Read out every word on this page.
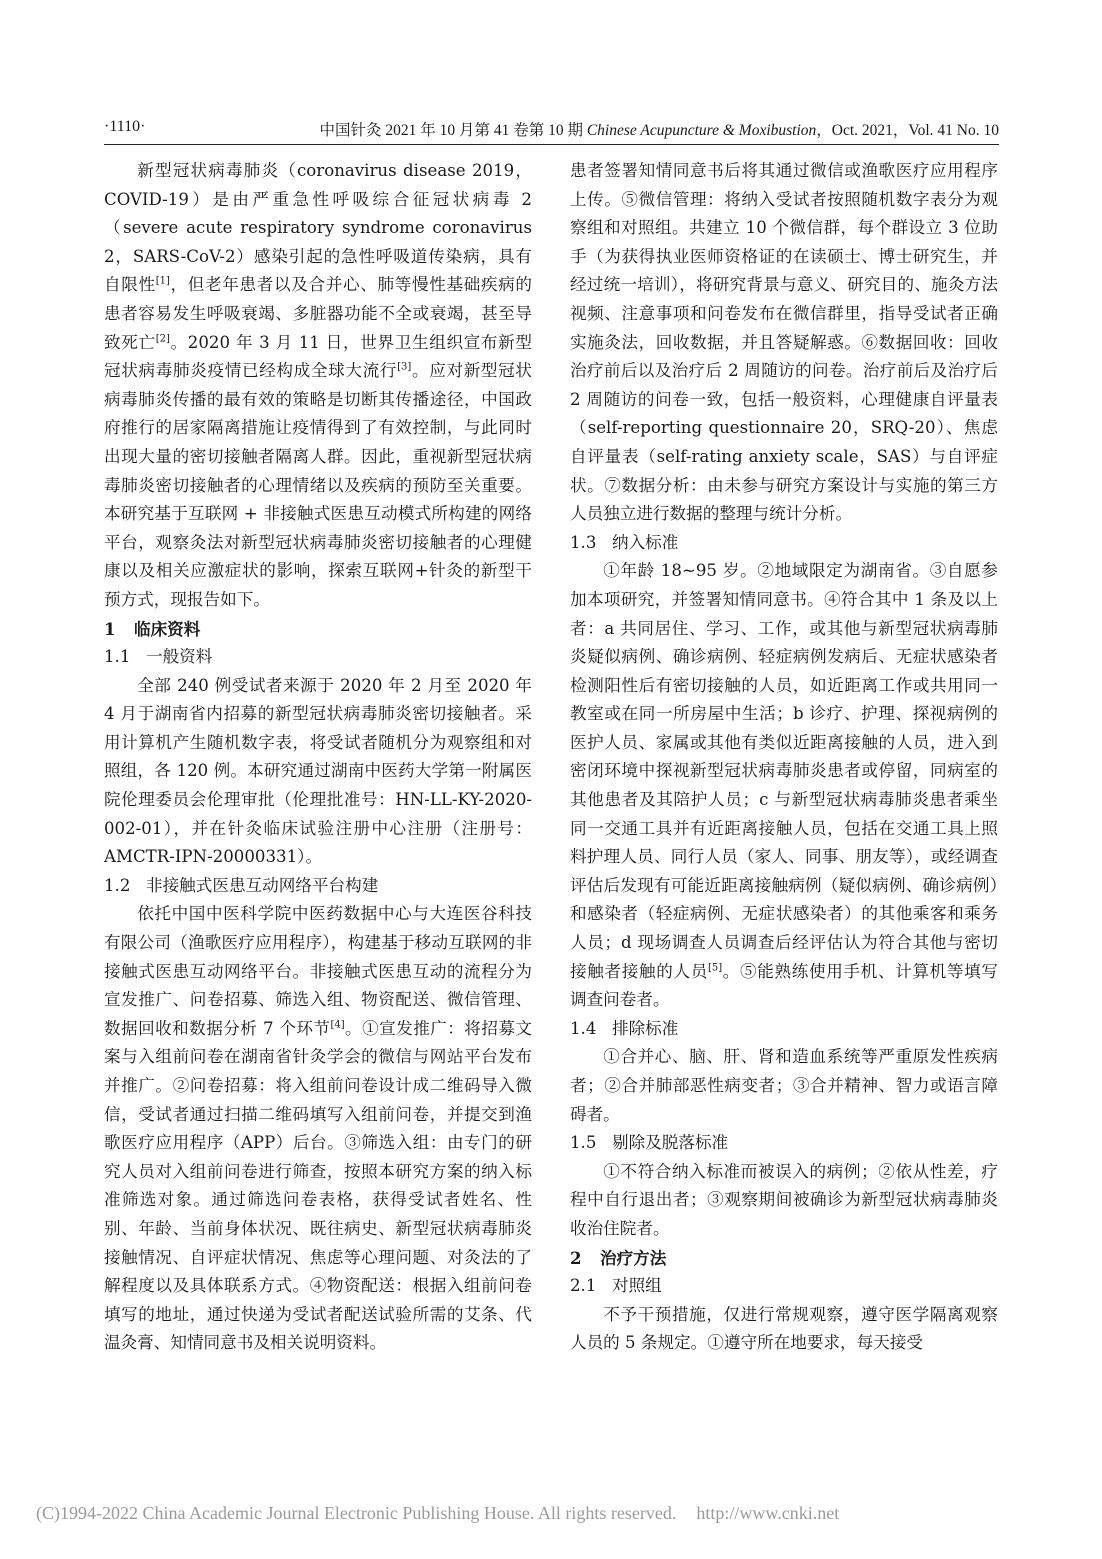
·1110·	中国针灸 2021 年 10 月第 41 卷第 10 期 Chinese Acupuncture & Moxibustion，Oct. 2021，Vol. 41 No. 10

新型冠状病毒肺炎（coronavirus disease 2019，COVID-19）是由严重急性呼吸综合征冠状病毒 2（severe acute respiratory syndrome coronavirus 2，SARS-CoV-2）感染引起的急性呼吸道传染病，具有自限性[1]，但老年患者以及合并心、肺等慢性基础疾病的患者容易发生呼吸衰竭、多脏器功能不全或衰竭，甚至导致死亡[2]。2020 年 3 月 11 日，世界卫生组织宣布新型冠状病毒肺炎疫情已经构成全球大流行[3]。应对新型冠状病毒肺炎传播的最有效的策略是切断其传播途径，中国政府推行的居家隔离措施让疫情得到了有效控制，与此同时出现大量的密切接触者隔离人群。因此，重视新型冠状病毒肺炎密切接触者的心理情绪以及疾病的预防至关重要。本研究基于互联网 + 非接触式医患互动模式所构建的网络平台，观察灸法对新型冠状病毒肺炎密切接触者的心理健康以及相关应激症状的影响，探索互联网+针灸的新型干预方式，现报告如下。

1 临床资料
1.1 一般资料

全部 240 例受试者来源于 2020 年 2 月至 2020 年 4 月于湖南省内招募的新型冠状病毒肺炎密切接触者。采用计算机产生随机数字表，将受试者随机分为观察组和对照组，各 120 例。本研究通过湖南中医药大学第一附属医院伦理委员会伦理审批（伦理批准号：HN-LL-KY-2020-002-01），并在针灸临床试验注册中心注册（注册号：AMCTR-IPN-20000331）。

1.2 非接触式医患互动网络平台构建

依托中国中医科学院中医药数据中心与大连医谷科技有限公司（渔歌医疗应用程序），构建基于移动互联网的非接触式医患互动网络平台。非接触式医患互动的流程分为宣发推广、问卷招募、筛选入组、物资配送、微信管理、数据回收和数据分析 7 个环节[4]。①宣发推广：将招募文案与入组前问卷在湖南省针灸学会的微信与网站平台发布并推广。②问卷招募：将入组前问卷设计成二维码导入微信，受试者通过扫描二维码填写入组前问卷，并提交到渔歌医疗应用程序（APP）后台。③筛选入组：由专门的研究人员对入组前问卷进行筛查，按照本研究方案的纳入标准筛选对象。通过筛选问卷表格，获得受试者姓名、性别、年龄、当前身体状况、既往病史、新型冠状病毒肺炎接触情况、自评症状情况、焦虑等心理问题、对灸法的了解程度以及具体联系方式。④物资配送：根据入组前问卷填写的地址，通过快递为受试者配送试验所需的艾条、代温灸膏、知情同意书及相关说明资料。

患者签署知情同意书后将其通过微信或渔歌医疗应用程序上传。⑤微信管理：将纳入受试者按照随机数字表分为观察组和对照组。共建立 10 个微信群，每个群设立 3 位助手（为获得执业医师资格证的在读硕士、博士研究生，并经过统一培训），将研究背景与意义、研究目的、施灸方法视频、注意事项和问卷发布在微信群里，指导受试者正确实施灸法，回收数据，并且答疑解惑。⑥数据回收：回收治疗前后以及治疗后 2 周随访的问卷。治疗前后及治疗后 2 周随访的问卷一致，包括一般资料，心理健康自评量表（self-reporting questionnaire 20，SRQ-20）、焦虑自评量表（self-rating anxiety scale，SAS）与自评症状。⑦数据分析：由未参与研究方案设计与实施的第三方人员独立进行数据的整理与统计分析。

1.3 纳入标准

①年龄 18~95 岁。②地域限定为湖南省。③自愿参加本项研究，并签署知情同意书。④符合其中 1 条及以上者：a 共同居住、学习、工作，或其他与新型冠状病毒肺炎疑似病例、确诊病例、轻症病例发病后、无症状感染者检测阳性后有密切接触的人员，如近距离工作或共用同一教室或在同一所房屋中生活；b 诊疗、护理、探视病例的医护人员、家属或其他有类似近距离接触的人员，进入到密闭环境中探视新型冠状病毒肺炎患者或停留，同病室的其他患者及其陪护人员；c 与新型冠状病毒肺炎患者乘坐同一交通工具并有近距离接触人员，包括在交通工具上照料护理人员、同行人员（家人、同事、朋友等），或经调查评估后发现有可能近距离接触病例（疑似病例、确诊病例）和感染者（轻症病例、无症状感染者）的其他乘客和乘务人员；d 现场调查人员调查后经评估认为符合其他与密切接触者接触的人员[5]。⑤能熟练使用手机、计算机等填写调查问卷者。

1.4 排除标准

①合并心、脑、肝、肾和造血系统等严重原发性疾病者；②合并肺部恶性病变者；③合并精神、智力或语言障碍者。

1.5 剔除及脱落标准

①不符合纳入标准而被误入的病例；②依从性差，疗程中自行退出者；③观察期间被确诊为新型冠状病毒肺炎收治住院者。

2 治疗方法
2.1 对照组

不予干预措施，仅进行常规观察，遵守医学隔离观察人员的 5 条规定。①遵守所在地要求，每天接受

(C)1994-2022 China Academic Journal Electronic Publishing House. All rights reserved. http://www.cnki.net
